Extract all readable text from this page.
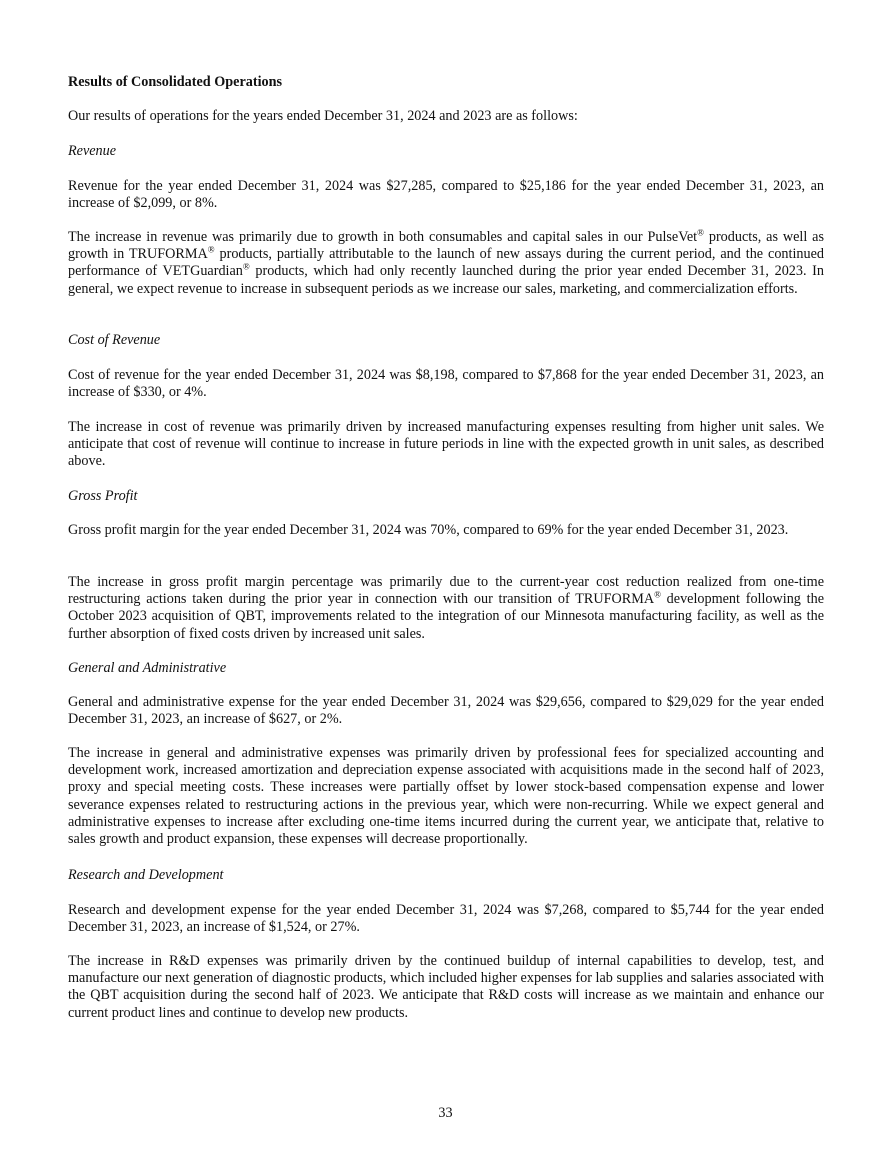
Results of Consolidated Operations

Our results of operations for the years ended December 31, 2024 and 2023 are as follows:

Revenue

Revenue for the year ended December 31, 2024 was $27,285, compared to $25,186 for the year ended December 31, 2023, an increase of $2,099, or 8%.

The increase in revenue was primarily due to growth in both consumables and capital sales in our PulseVet® products, as well as growth in TRUFORMA® products, partially attributable to the launch of new assays during the current period, and the continued performance of VETGuardian® products, which had only recently launched during the prior year ended December 31, 2023. In general, we expect revenue to increase in subsequent periods as we increase our sales, marketing, and commercialization efforts.

Cost of Revenue

Cost of revenue for the year ended December 31, 2024 was $8,198, compared to $7,868 for the year ended December 31, 2023, an increase of $330, or 4%.

The increase in cost of revenue was primarily driven by increased manufacturing expenses resulting from higher unit sales. We anticipate that cost of revenue will continue to increase in future periods in line with the expected growth in unit sales, as described above.

Gross Profit

Gross profit margin for the year ended December 31, 2024 was 70%, compared to 69% for the year ended December 31, 2023.

The increase in gross profit margin percentage was primarily due to the current-year cost reduction realized from one-time restructuring actions taken during the prior year in connection with our transition of TRUFORMA® development following the October 2023 acquisition of QBT, improvements related to the integration of our Minnesota manufacturing facility, as well as the further absorption of fixed costs driven by increased unit sales.

General and Administrative

General and administrative expense for the year ended December 31, 2024 was $29,656, compared to $29,029 for the year ended December 31, 2023, an increase of $627, or 2%.

The increase in general and administrative expenses was primarily driven by professional fees for specialized accounting and development work, increased amortization and depreciation expense associated with acquisitions made in the second half of 2023, proxy and special meeting costs. These increases were partially offset by lower stock-based compensation expense and lower severance expenses related to restructuring actions in the previous year, which were non-recurring. While we expect general and administrative expenses to increase after excluding one-time items incurred during the current year, we anticipate that, relative to sales growth and product expansion, these expenses will decrease proportionally.

Research and Development

Research and development expense for the year ended December 31, 2024 was $7,268, compared to $5,744 for the year ended December 31, 2023, an increase of $1,524, or 27%.

The increase in R&D expenses was primarily driven by the continued buildup of internal capabilities to develop, test, and manufacture our next generation of diagnostic products, which included higher expenses for lab supplies and salaries associated with the QBT acquisition during the second half of 2023. We anticipate that R&D costs will increase as we maintain and enhance our current product lines and continue to develop new products.

33
